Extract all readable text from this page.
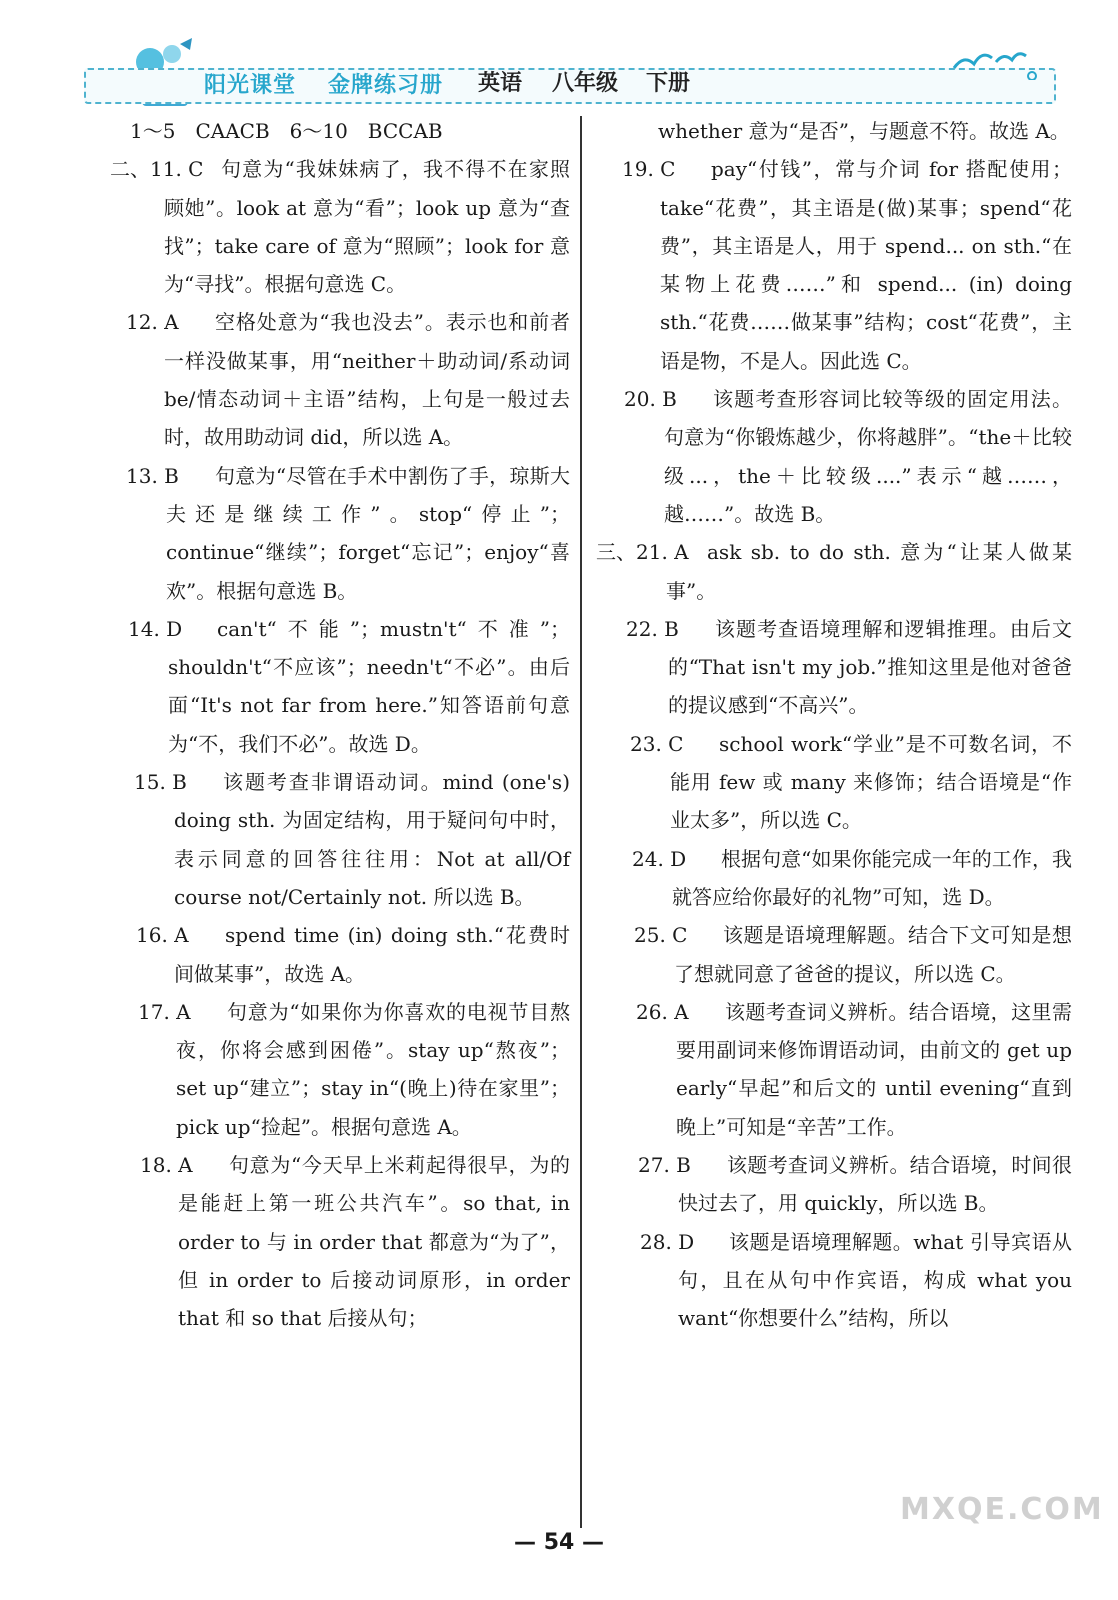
阳光课堂 金牌练习册 英语 八年级 下册
1～5　CAACB　6～10　BCCAB
二、11. C 句意为“我妹妹病了，我不得不在家照顾她”。look at 意为“看”；look up 意为“查找”；take care of 意为“照顾”；look for 意为“寻找”。根据句意选 C。
12. A	空格处意为“我也没去”。表示也和前者一样没做某事，用“neither＋助动词/系动词 be/情态动词＋主语”结构，上句是一般过去时，故用助动词 did，所以选 A。
13. B	句意为“尽管在手术中割伤了手，琼斯大夫还是继续工作”。stop“停止”；continue“继续”；forget“忘记”；enjoy“喜欢”。根据句意选 B。
14. D	can't“不能”；mustn't“不准”；shouldn't“不应该”；needn't“不必”。由后面“It's not far from here.”知答语前句意为“不，我们不必”。故选 D。
15. B	该题考查非谓语动词。mind (one's) doing sth. 为固定结构，用于疑问句中时，表示同意的回答往往用：Not at all/Of course not/Certainly not. 所以选 B。
16. A	spend time (in) doing sth.“花费时间做某事”，故选 A。
17. A	句意为“如果你为你喜欢的电视节目熬夜，你将会感到困倦”。stay up“熬夜”；set up“建立”；stay in“(晚上)待在家里”；pick up“捡起”。根据句意选 A。
18. A	句意为“今天早上米莉起得很早，为的是能赶上第一班公共汽车”。so that, in order to 与 in order that 都意为“为了”，但 in order to 后接动词原形，in order that 和 so that 后接从句；
whether 意为“是否”，与题意不符。故选 A。
19. C	pay“付钱”，常与介词 for 搭配使用；take“花费”，其主语是(做)某事；spend“花费”，其主语是人，用于 spend... on sth.“在某物上花费……”和 spend... (in) doing sth.“花费……做某事”结构；cost“花费”，主语是物，不是人。因此选 C。
20. B	该题考查形容词比较等级的固定用法。句意为“你锻炼越少，你将越胖”。“the＋比较级...，the＋比较级....”表示“越……，越……”。故选 B。
三、21. A ask sb. to do sth. 意为“让某人做某事”。
22. B	该题考查语境理解和逻辑推理。由后文的“That isn't my job.”推知这里是他对爸爸的提议感到“不高兴”。
23. C	school work“学业”是不可数名词，不能用 few 或 many 来修饰；结合语境是“作业太多”，所以选 C。
24. D	根据句意“如果你能完成一年的工作，我就答应给你最好的礼物”可知，选 D。
25. C	该题是语境理解题。结合下文可知是想了想就同意了爸爸的提议，所以选 C。
26. A	该题考查词义辨析。结合语境，这里需要用副词来修饰谓语动词，由前文的 get up early“早起”和后文的 until evening“直到晚上”可知是“辛苦”工作。
27. B	该题考查词义辨析。结合语境，时间很快过去了，用 quickly，所以选 B。
28. D	该题是语境理解题。what 引导宾语从句，且在从句中作宾语，构成 what you want“你想要什么”结构，所以
— 54 —
MXQE.COM
